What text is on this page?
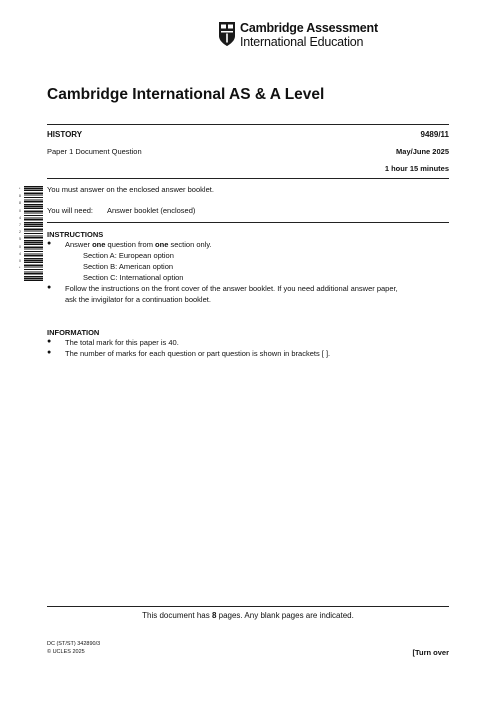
Cambridge Assessment
International Education
Cambridge International AS & A Level
HISTORY	9489/11
Paper 1 Document Question	May/June 2025
1 hour 15 minutes
*
8
8
0
4
7
2
5
0
4
0
*
You must answer on the enclosed answer booklet.
You will need: Answer booklet (enclosed)
INSTRUCTIONS
● Answer one question from one section only.
Section A: European option
Section B: American option
Section C: International option
● Follow the instructions on the front cover of the answer booklet. If you need additional answer paper,
ask the invigilator for a continuation booklet.
INFORMATION
● The total mark for this paper is 40.
● The number of marks for each question or part question is shown in brackets [ ].
This document has 8 pages. Any blank pages are indicated.
DC (ST/ST) 342890/3
© UCLES 2025	[Turn over
